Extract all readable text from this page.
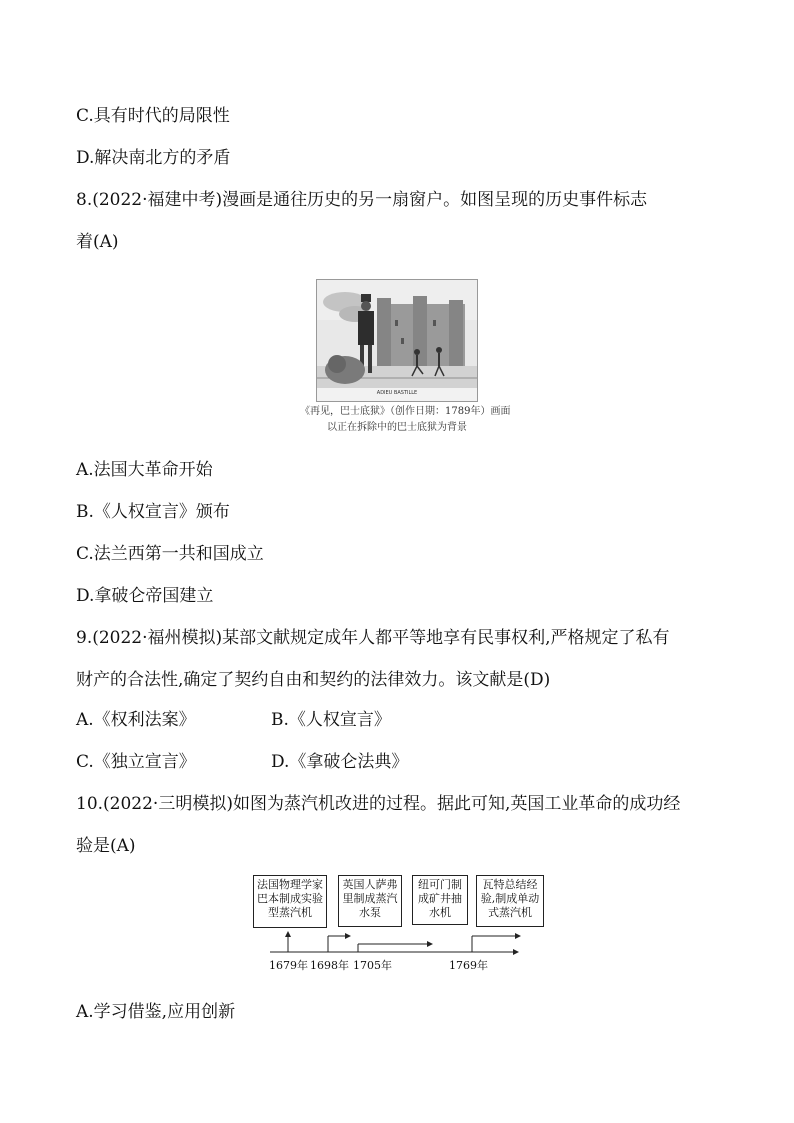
C.具有时代的局限性
D.解决南北方的矛盾
8.(2022·福建中考)漫画是通往历史的另一扇窗户。如图呈现的历史事件标志
着(A)
ADIEU BASTILLE
《再见，巴士底狱》（创作日期：1789年）画面
以正在拆除中的巴士底狱为背景
A.法国大革命开始
B.《人权宣言》颁布
C.法兰西第一共和国成立
D.拿破仑帝国建立
9.(2022·福州模拟)某部文献规定成年人都平等地享有民事权利,严格规定了私有
财产的合法性,确定了契约自由和契约的法律效力。该文献是(D)
A.《权利法案》	B.《人权宣言》
C.《独立宣言》	D.《拿破仑法典》
10.(2022·三明模拟)如图为蒸汽机改进的过程。据此可知,英国工业革命的成功经
验是(A)
法国物理学家巴本制成实验型蒸汽机
英国人萨弗里制成蒸汽水泵
纽可门制成矿井抽水机
瓦特总结经验,制成单动式蒸汽机
1679年 1698年 1705年	1769年
A.学习借鉴,应用创新
